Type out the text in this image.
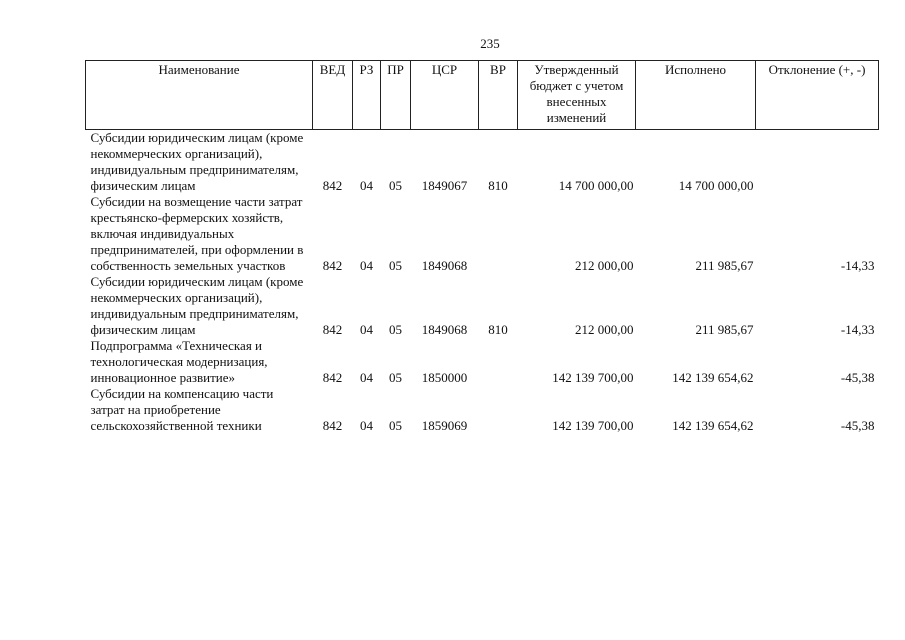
235
Наименование	ВЕД	РЗ	ПР	ЦСР	ВР	Утвержденный бюджет с учетом внесенных изменений	Исполнено	Отклонение (+, -)
Субсидии юридическим лицам (кроме некоммерческих организаций), индивидуальным предпринимателям, физическим лицам	842	04	05	1849067	810	14 700 000,00	14 700 000,00	
Субсидии на возмещение части затрат крестьянско-фермерских хозяйств, включая индивидуальных предпринимателей, при оформлении в собственность земельных участков	842	04	05	1849068		212 000,00	211 985,67	-14,33
Субсидии юридическим лицам (кроме некоммерческих организаций), индивидуальным предпринимателям, физическим лицам	842	04	05	1849068	810	212 000,00	211 985,67	-14,33
Подпрограмма «Техническая и технологическая модернизация, инновационное развитие»	842	04	05	1850000		142 139 700,00	142 139 654,62	-45,38
Субсидии на компенсацию части затрат на приобретение сельскохозяйственной техники	842	04	05	1859069		142 139 700,00	142 139 654,62	-45,38
